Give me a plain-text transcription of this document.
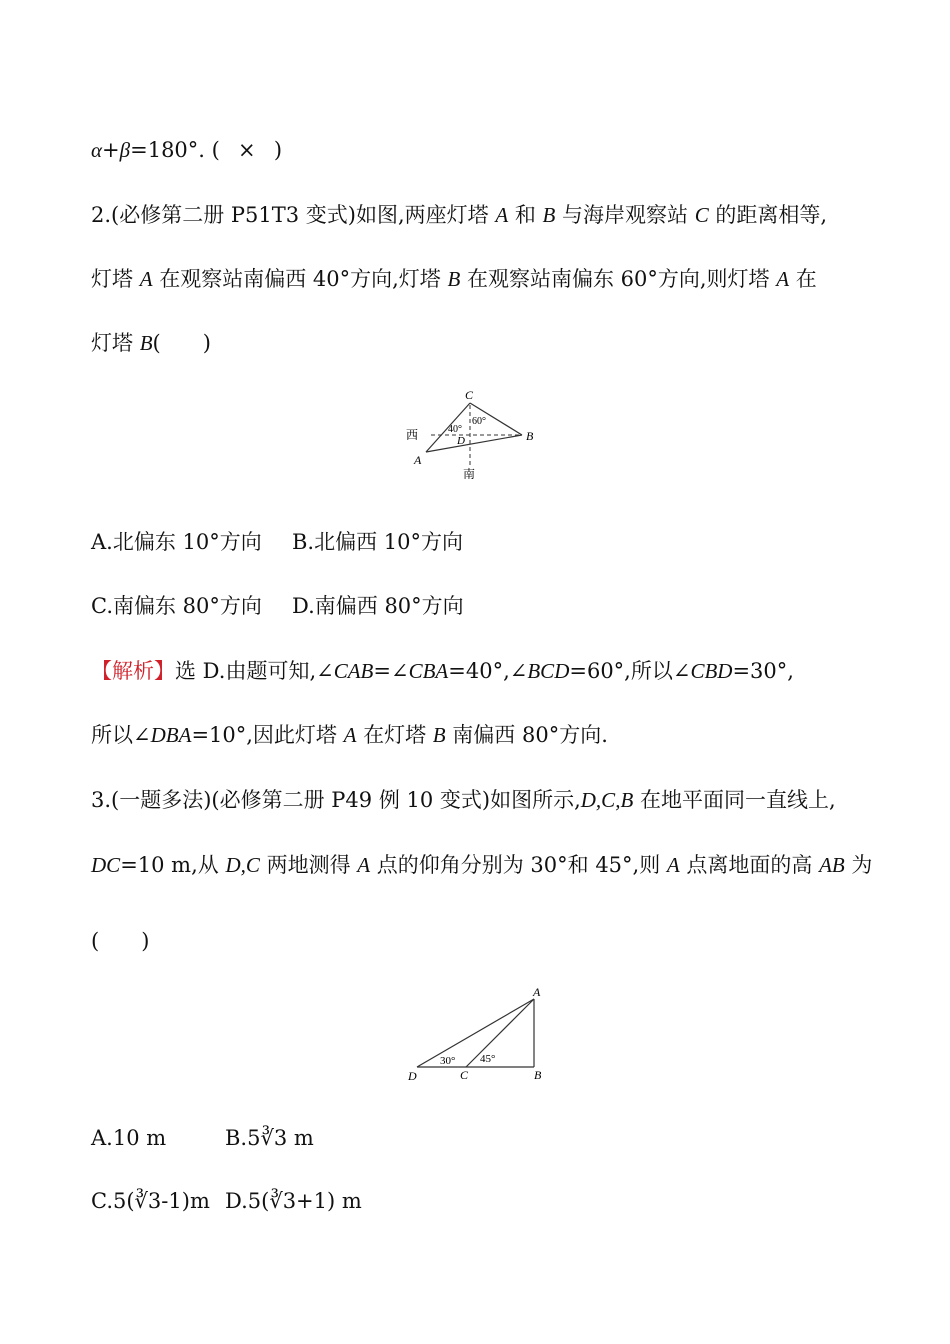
α+β=180°. ( × )
2.(必修第二册 P51T3 变式)如图,两座灯塔 A 和 B 与海岸观察站 C 的距离相等,
灯塔 A 在观察站南偏西 40°方向,灯塔 B 在观察站南偏东 60°方向,则灯塔 A 在
灯塔 B(　　)
C
B
A
D
西
南
40°
60°
A.北偏东 10°方向 B.北偏西 10°方向
C.南偏东 80°方向 D.南偏西 80°方向
【解析】选 D.由题可知,∠CAB=∠CBA=40°,∠BCD=60°,所以∠CBD=30°,
所以∠DBA=10°,因此灯塔 A 在灯塔 B 南偏西 80°方向.
3.(一题多法)(必修第二册 P49 例 10 变式)如图所示,D,C,B 在地平面同一直线上,
DC=10 m,从 D,C 两地测得 A 点的仰角分别为 30°和 45°,则 A 点离地面的高 AB 为
(　　)
A
B
C
D
30° 45°
A.10 m	B.5∛3 m
C.5(∛3-1)m D.5(∛3+1) m
